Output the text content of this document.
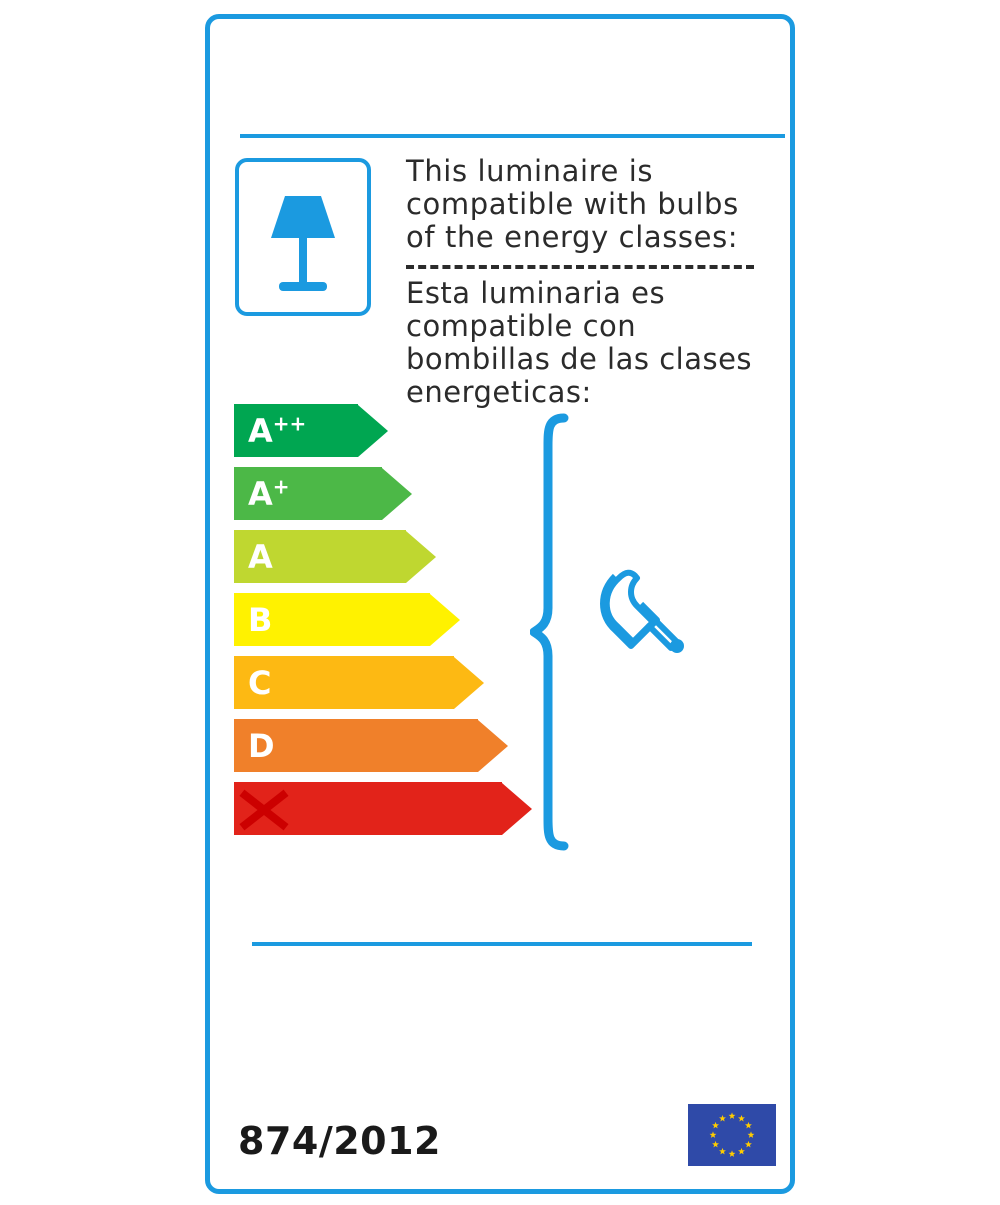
This luminaire is compatible with bulbs of the energy classes:
Esta luminaria es compatible con bombillas de las clases energeticas:
A++
A+
A
B
C
D
874/2012
